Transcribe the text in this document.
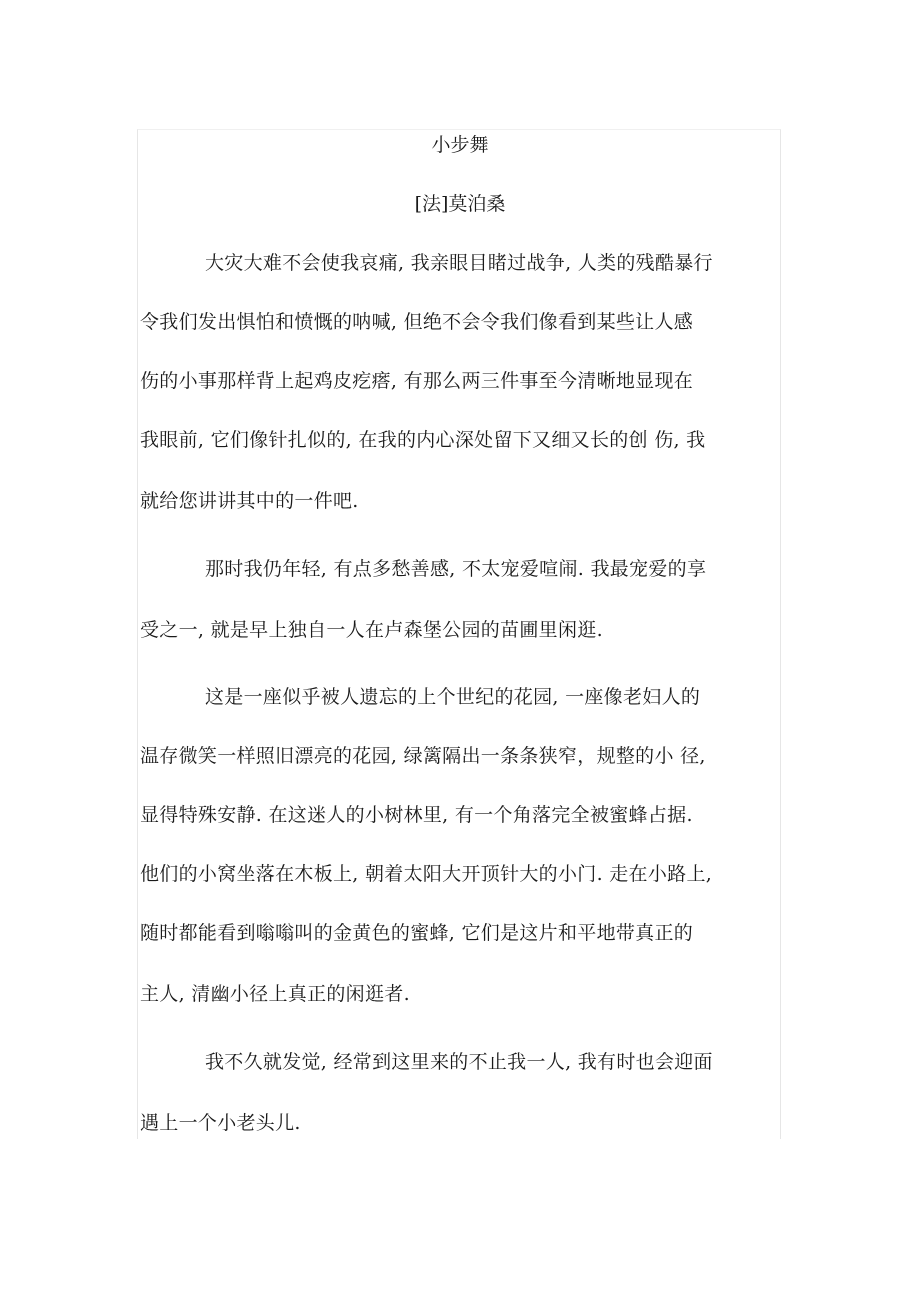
小步舞
[法]莫泊桑
大灾大难不会使我哀痛, 我亲眼目睹过战争, 人类的残酷暴行
令我们发出惧怕和愤慨的呐喊, 但绝不会令我们像看到某些让人感
伤的小事那样背上起鸡皮疙瘩, 有那么两三件事至今清晰地显现在
我眼前, 它们像针扎似的, 在我的内心深处留下又细又长的创 伤, 我
就给您讲讲其中的一件吧.
那时我仍年轻, 有点多愁善感, 不太宠爱喧闹. 我最宠爱的享
受之一, 就是早上独自一人在卢森堡公园的苗圃里闲逛.
这是一座似乎被人遗忘的上个世纪的花园, 一座像老妇人的
温存微笑一样照旧漂亮的花园, 绿篱隔出一条条狭窄，规整的小 径,
显得特殊安静. 在这迷人的小树林里, 有一个角落完全被蜜蜂占据.
他们的小窝坐落在木板上, 朝着太阳大开顶针大的小门. 走在小路上,
随时都能看到嗡嗡叫的金黄色的蜜蜂, 它们是这片和平地带真正的
主人, 清幽小径上真正的闲逛者.
我不久就发觉, 经常到这里来的不止我一人, 我有时也会迎面
遇上一个小老头儿.
